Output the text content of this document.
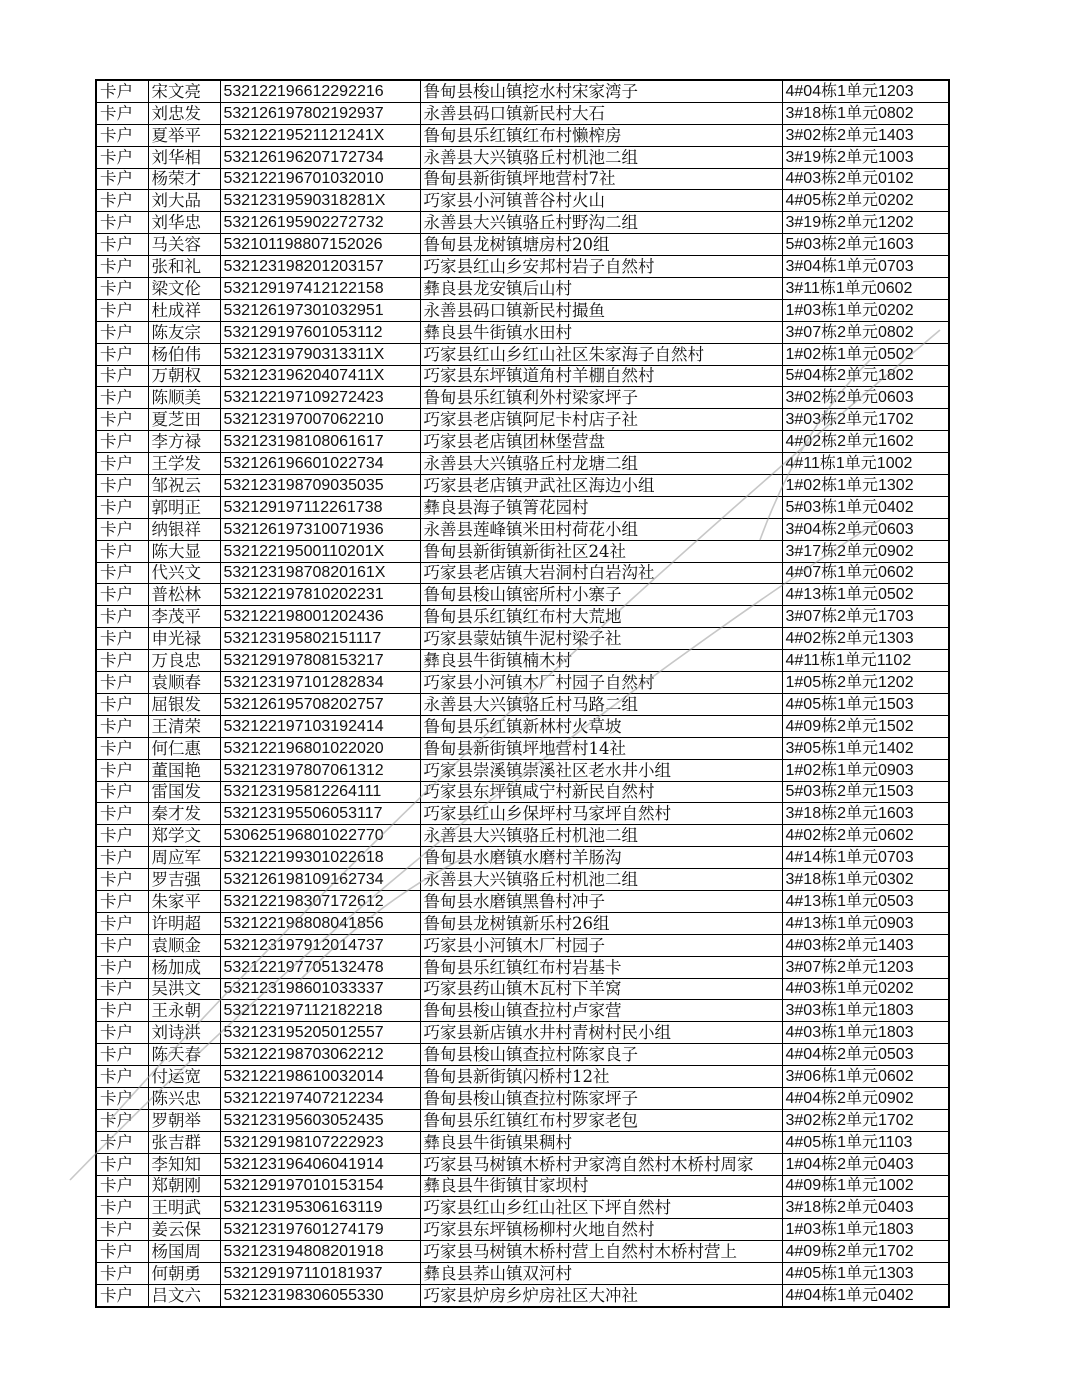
卡户	宋文亮	532122196612292216	鲁甸县梭山镇挖水村宋家湾子	4#04栋1单元1203
卡户	刘忠发	532126197802192937	永善县码口镇新民村大石	3#18栋1单元0802
卡户	夏举平	53212219521121241X	鲁甸县乐红镇红布村懒榨房	3#02栋2单元1403
卡户	刘华相	532126196207172734	永善县大兴镇骆丘村机池二组	3#19栋2单元1003
卡户	杨荣才	532122196701032010	鲁甸县新街镇坪地营村7社	4#03栋2单元0102
卡户	刘大品	53212319590318281X	巧家县小河镇普谷村火山	4#05栋2单元0202
卡户	刘华忠	532126195902272732	永善县大兴镇骆丘村野沟二组	3#19栋2单元1202
卡户	马关容	532101198807152026	鲁甸县龙树镇塘房村20组	5#03栋2单元1603
卡户	张和礼	532123198201203157	巧家县红山乡安邦村岩子自然村	3#04栋1单元0703
卡户	梁文伦	532129197412122158	彝良县龙安镇后山村	3#11栋1单元0602
卡户	杜成祥	532126197301032951	永善县码口镇新民村撮鱼	1#03栋1单元0202
卡户	陈友宗	532129197601053112	彝良县牛街镇水田村	3#07栋2单元0802
卡户	杨伯伟	53212319790313311X	巧家县红山乡红山社区朱家海子自然村	1#02栋1单元0502
卡户	万朝权	53212319620407411X	巧家县东坪镇道角村羊棚自然村	5#04栋2单元1802
卡户	陈顺美	532122197109272423	鲁甸县乐红镇利外村梁家坪子	3#02栋2单元0603
卡户	夏芝田	532123197007062210	巧家县老店镇阿尼卡村店子社	3#03栋2单元1702
卡户	李方禄	532123198108061617	巧家县老店镇团林堡营盘	4#02栋2单元1602
卡户	王学发	532126196601022734	永善县大兴镇骆丘村龙塘二组	4#11栋1单元1002
卡户	邹祝云	532123198709035035	巧家县老店镇尹武社区海边小组	1#02栋1单元1302
卡户	郭明正	532129197112261738	彝良县海子镇箐花园村	5#03栋1单元0402
卡户	纳银祥	532126197310071936	永善县莲峰镇米田村荷花小组	3#04栋2单元0603
卡户	陈大显	53212219500110201X	鲁甸县新街镇新街社区24社	3#17栋2单元0902
卡户	代兴文	53212319870820161X	巧家县老店镇大岩洞村白岩沟社	4#07栋1单元0602
卡户	普松林	532122197810202231	鲁甸县梭山镇密所村小寨子	4#13栋1单元0502
卡户	李茂平	532122198001202436	鲁甸县乐红镇红布村大荒地	3#07栋2单元1703
卡户	申光禄	532123195802151117	巧家县蒙姑镇牛泥村梁子社	4#02栋2单元1303
卡户	万良忠	532129197808153217	彝良县牛街镇楠木村	4#11栋1单元1102
卡户	袁顺春	532123197101282834	巧家县小河镇木厂村园子自然村	1#05栋2单元1202
卡户	屈银发	532126195708202757	永善县大兴镇骆丘村马路二组	4#05栋1单元1503
卡户	王清荣	532122197103192414	鲁甸县乐红镇新林村火草坡	4#09栋2单元1502
卡户	何仁惠	532122196801022020	鲁甸县新街镇坪地营村14社	3#05栋1单元1402
卡户	董国艳	532123197807061312	巧家县崇溪镇崇溪社区老水井小组	1#02栋1单元0903
卡户	雷国发	532123195812264111	巧家县东坪镇咸宁村新民自然村	5#03栋2单元1503
卡户	秦才发	532123195506053117	巧家县红山乡保坪村马家坪自然村	3#18栋2单元1603
卡户	郑学文	530625196801022770	永善县大兴镇骆丘村机池二组	4#02栋2单元0602
卡户	周应军	532122199301022618	鲁甸县水磨镇水磨村羊肠沟	4#14栋1单元0703
卡户	罗吉强	532126198109162734	永善县大兴镇骆丘村机池二组	3#18栋1单元0302
卡户	朱家平	532122198307172612	鲁甸县水磨镇黑鲁村冲子	4#13栋1单元0503
卡户	许明超	532122198808041856	鲁甸县龙树镇新乐村26组	4#13栋1单元0903
卡户	袁顺金	532123197912014737	巧家县小河镇木厂村园子	4#03栋2单元1403
卡户	杨加成	532122197705132478	鲁甸县乐红镇红布村岩基卡	3#07栋2单元1203
卡户	吴洪文	532123198601033337	巧家县药山镇木瓦村下羊窝	4#03栋1单元0202
卡户	王永朝	532122197112182218	鲁甸县梭山镇查拉村卢家营	3#03栋1单元1803
卡户	刘诗洪	532123195205012557	巧家县新店镇水井村青树村民小组	4#03栋1单元1803
卡户	陈天春	532122198703062212	鲁甸县梭山镇查拉村陈家良子	4#04栋2单元0503
卡户	付运宽	532122198610032014	鲁甸县新街镇闪桥村12社	3#06栋1单元0602
卡户	陈兴忠	532122197407212234	鲁甸县梭山镇查拉村陈家坪子	4#04栋2单元0902
卡户	罗朝举	532123195603052435	鲁甸县乐红镇红布村罗家老包	3#02栋2单元1702
卡户	张吉群	532129198107222923	彝良县牛街镇果稠村	4#05栋1单元1103
卡户	李知知	532123196406041914	巧家县马树镇木桥村尹家湾自然村木桥村周家	1#04栋2单元0403
卡户	郑朝刚	532129197010153154	彝良县牛街镇甘家坝村	4#09栋1单元1002
卡户	王明武	532123195306163119	巧家县红山乡红山社区下坪自然村	3#18栋2单元0403
卡户	姜云保	532123197601274179	巧家县东坪镇杨柳村火地自然村	1#03栋1单元1803
卡户	杨国周	532123194808201918	巧家县马树镇木桥村营上自然村木桥村营上	4#09栋2单元1702
卡户	何朝勇	532129197110181937	彝良县荞山镇双河村	4#05栋1单元1303
卡户	吕文六	532123198306055330	巧家县炉房乡炉房社区大冲社	4#04栋1单元0402
